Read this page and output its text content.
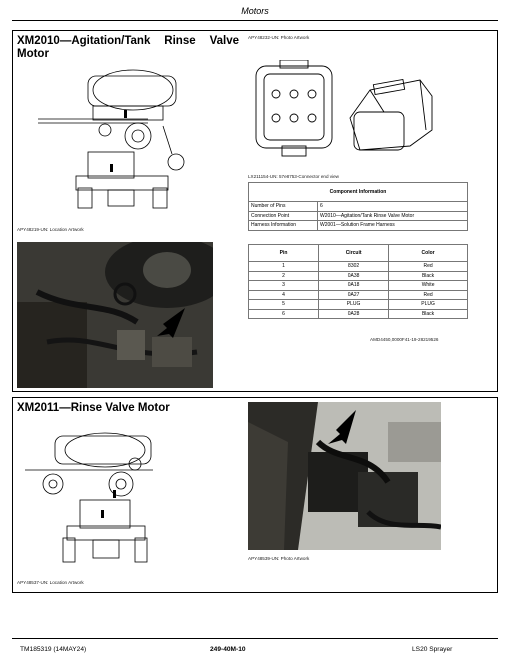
Motors
XM2010—Agitation/Tank Rinse Valve Motor
APY48219-UN: Location Artwork
APY48232-UN: Photo Artwork
LX211154-UN: 57e8753-Connector end view
Component Information	
Number of Pins	6
Connection Point	W2010—Agitation/Tank Rinse Valve Motor
Harness Information	W2001—Solution Frame Harness
Pin	Circuit	Color
1	8302	Red
2	0A38	Black
3	0A18	White
4	0A27	Red
5	PLUG	PLUG
6	0A28	Black
AMD4450,0000F41-19-28219526
XM2011—Rinse Valve Motor
APY48537-UN: Location Artwork
APY48539-UN: Photo Artwork
TM185319 (14MAY24)	249-40M-10	LS20 Sprayer
